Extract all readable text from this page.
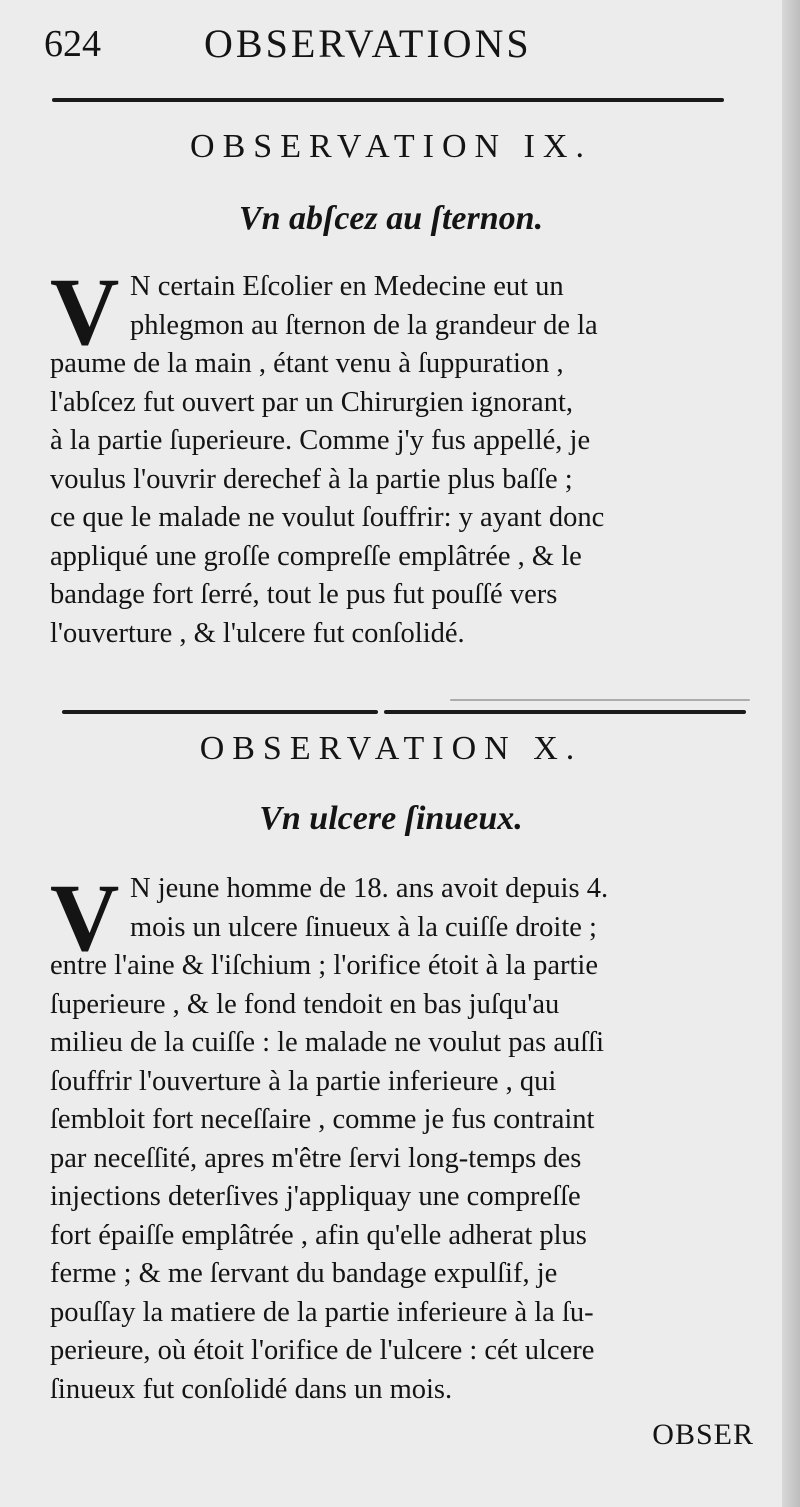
624	OBSERVATIONS
OBSERVATION IX.
Vn abſcez au ſternon.
V N certain Eſcolier en Medecine eut un
phlegmon au ſternon de la grandeur de la
paume de la main , étant venu à ſuppuration ,
l'abſcez fut ouvert par un Chirurgien ignorant,
à la partie ſuperieure. Comme j'y fus appellé, je
voulus l'ouvrir derechef à la partie plus baſſe ;
ce que le malade ne voulut ſouffrir: y ayant donc
appliqué une groſſe compreſſe emplâtrée , & le
bandage fort ſerré, tout le pus fut pouſſé vers
l'ouverture , & l'ulcere fut conſolidé.
OBSERVATION X.
Vn ulcere ſinueux.
V N jeune homme de 18. ans avoit depuis 4.
mois un ulcere ſinueux à la cuiſſe droite ;
entre l'aine & l'iſchium ; l'orifice étoit à la partie
ſuperieure , & le fond tendoit en bas juſqu'au
milieu de la cuiſſe : le malade ne voulut pas auſſi
ſouffrir l'ouverture à la partie inferieure , qui
ſembloit fort neceſſaire , comme je fus contraint
par neceſſité, apres m'être ſervi long-temps des
injections deterſives j'appliquay une compreſſe
fort épaiſſe emplâtrée , afin qu'elle adherat plus
ferme ; & me ſervant du bandage expulſif, je
pouſſay la matiere de la partie inferieure à la ſu-
perieure, où étoit l'orifice de l'ulcere : cét ulcere
ſinueux fut conſolidé dans un mois.
OBSER
